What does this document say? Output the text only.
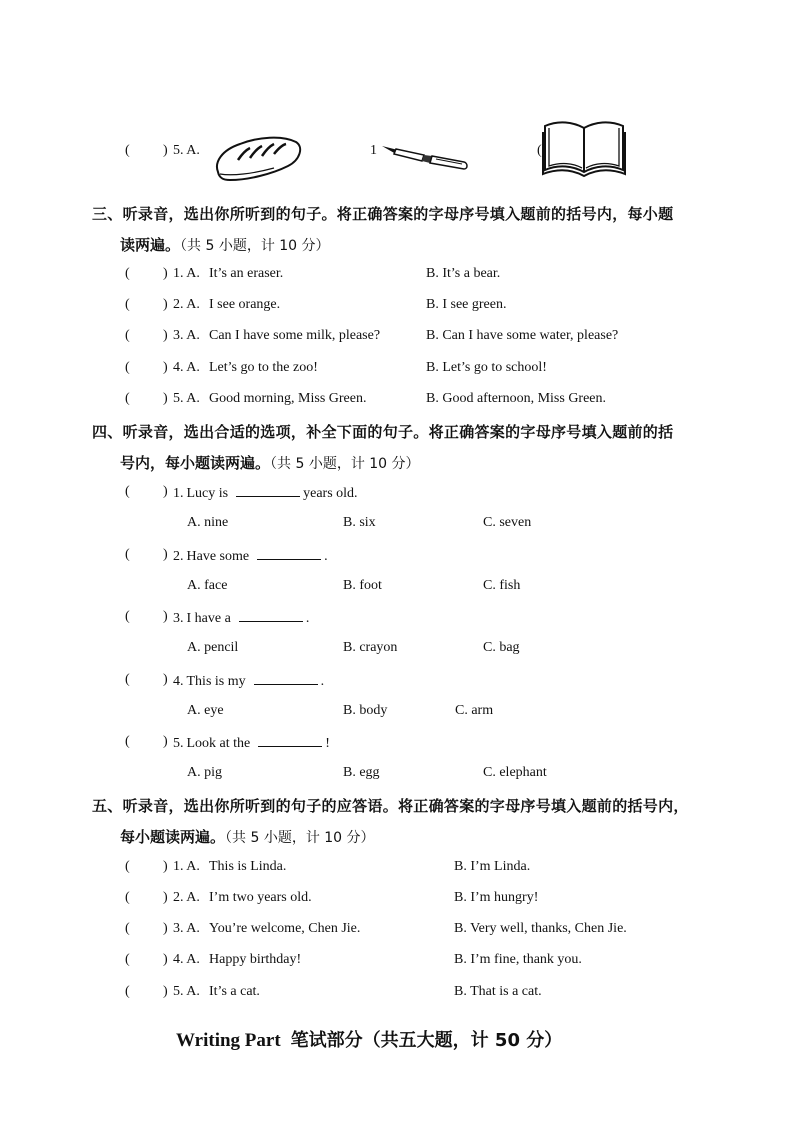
( ) 5. A.	1	(
三、听录音，选出你所听到的句子。将正确答案的字母序号填入题前的括号内，每小题
读两遍。（共 5 小题，计 10 分）
( ) 1. A. It’s an eraser.	B. It’s a bear.
( ) 2. A. I see orange.	B. I see green.
( ) 3. A. Can I have some milk, please?	B. Can I have some water, please?
( ) 4. A. Let’s go to the zoo!	B. Let’s go to school!
( ) 5. A. Good morning, Miss Green.	B. Good afternoon, Miss Green.
四、听录音，选出合适的选项，补全下面的句子。将正确答案的字母序号填入题前的括
号内，每小题读两遍。（共 5 小题，计 10 分）
( ) 1. Lucy is	years old.
A. nine	B. six	C. seven
( ) 2. Have some	.
A. face	B. foot	C. fish
( ) 3. I have a	.
A. pencil	B. crayon	C. bag
( ) 4. This is my	.
A. eye	B. body	C. arm
( ) 5. Look at the	!
A. pig	B. egg	C. elephant
五、听录音，选出你所听到的句子的应答语。将正确答案的字母序号填入题前的括号内，
每小题读两遍。（共 5 小题，计 10 分）
( ) 1. A. This is Linda.	B. I’m Linda.
( ) 2. A. I’m two years old.	B. I’m hungry!
( ) 3. A. You’re welcome, Chen Jie.	B. Very well, thanks, Chen Jie.
( ) 4. A. Happy birthday!	B. I’m fine, thank you.
( ) 5. A. It’s a cat.	B. That is a cat.
Writing Part 笔试部分（共五大题，计 50 分）
